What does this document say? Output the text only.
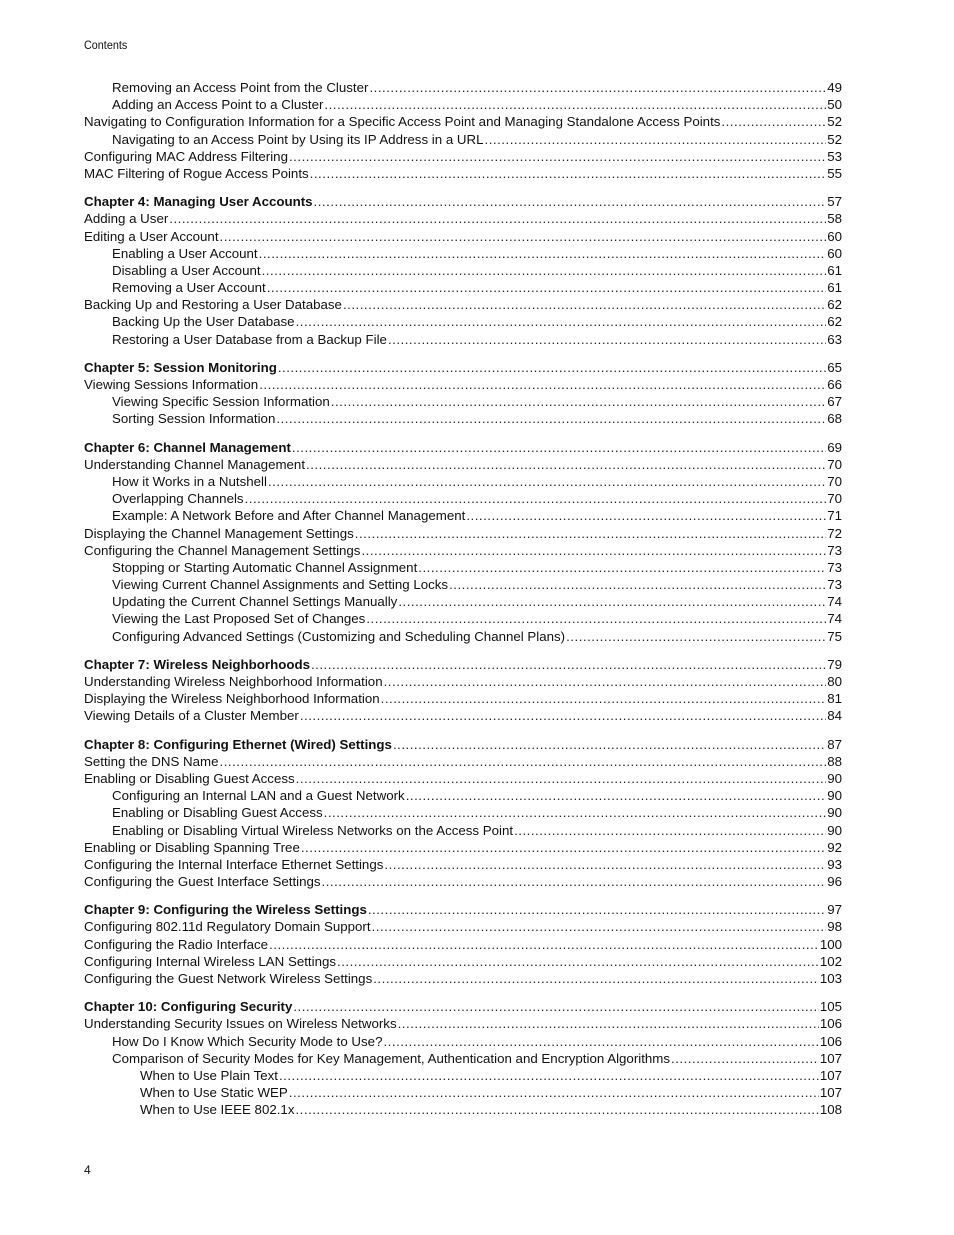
Contents
Removing an Access Point from the Cluster .....	49
Adding an Access Point to a Cluster .....	50
Navigating to Configuration Information for a Specific Access Point and Managing Standalone Access Points .....	52
Navigating to an Access Point by Using its IP Address in a URL .....	52
Configuring MAC Address Filtering .....	53
MAC Filtering of Rogue Access Points .....	55
Chapter 4: Managing User Accounts .....	57
Adding a User .....	58
Editing a User Account .....	60
Enabling a User Account .....	60
Disabling a User Account .....	61
Removing a User Account .....	61
Backing Up and Restoring a User Database .....	62
Backing Up the User Database .....	62
Restoring a User Database from a Backup File .....	63
Chapter 5: Session Monitoring .....	65
Viewing Sessions Information .....	66
Viewing Specific Session Information .....	67
Sorting Session Information .....	68
Chapter 6: Channel Management .....	69
Understanding Channel Management .....	70
How it Works in a Nutshell .....	70
Overlapping Channels .....	70
Example: A Network Before and After Channel Management .....	71
Displaying the Channel Management Settings .....	72
Configuring the Channel Management Settings .....	73
Stopping or Starting Automatic Channel Assignment .....	73
Viewing Current Channel Assignments and Setting Locks .....	73
Updating the Current Channel Settings Manually .....	74
Viewing the Last Proposed Set of Changes .....	74
Configuring Advanced Settings (Customizing and Scheduling Channel Plans) .....	75
Chapter 7: Wireless Neighborhoods .....	79
Understanding Wireless Neighborhood Information .....	80
Displaying the Wireless Neighborhood Information .....	81
Viewing Details of a Cluster Member .....	84
Chapter 8: Configuring Ethernet (Wired) Settings .....	87
Setting the DNS Name .....	88
Enabling or Disabling Guest Access .....	90
Configuring an Internal LAN and a Guest Network .....	90
Enabling or Disabling Guest Access .....	90
Enabling or Disabling Virtual Wireless Networks on the Access Point .....	90
Enabling or Disabling Spanning Tree .....	92
Configuring the Internal Interface Ethernet Settings .....	93
Configuring the Guest Interface Settings .....	96
Chapter 9: Configuring the Wireless Settings .....	97
Configuring 802.11d Regulatory Domain Support .....	98
Configuring the Radio Interface .....	100
Configuring Internal Wireless LAN Settings .....	102
Configuring the Guest Network Wireless Settings .....	103
Chapter 10: Configuring Security .....	105
Understanding Security Issues on Wireless Networks .....	106
How Do I Know Which Security Mode to Use? .....	106
Comparison of Security Modes for Key Management, Authentication and Encryption Algorithms .....	107
When to Use Plain Text .....	107
When to Use Static WEP .....	107
When to Use IEEE 802.1x .....	108
4
